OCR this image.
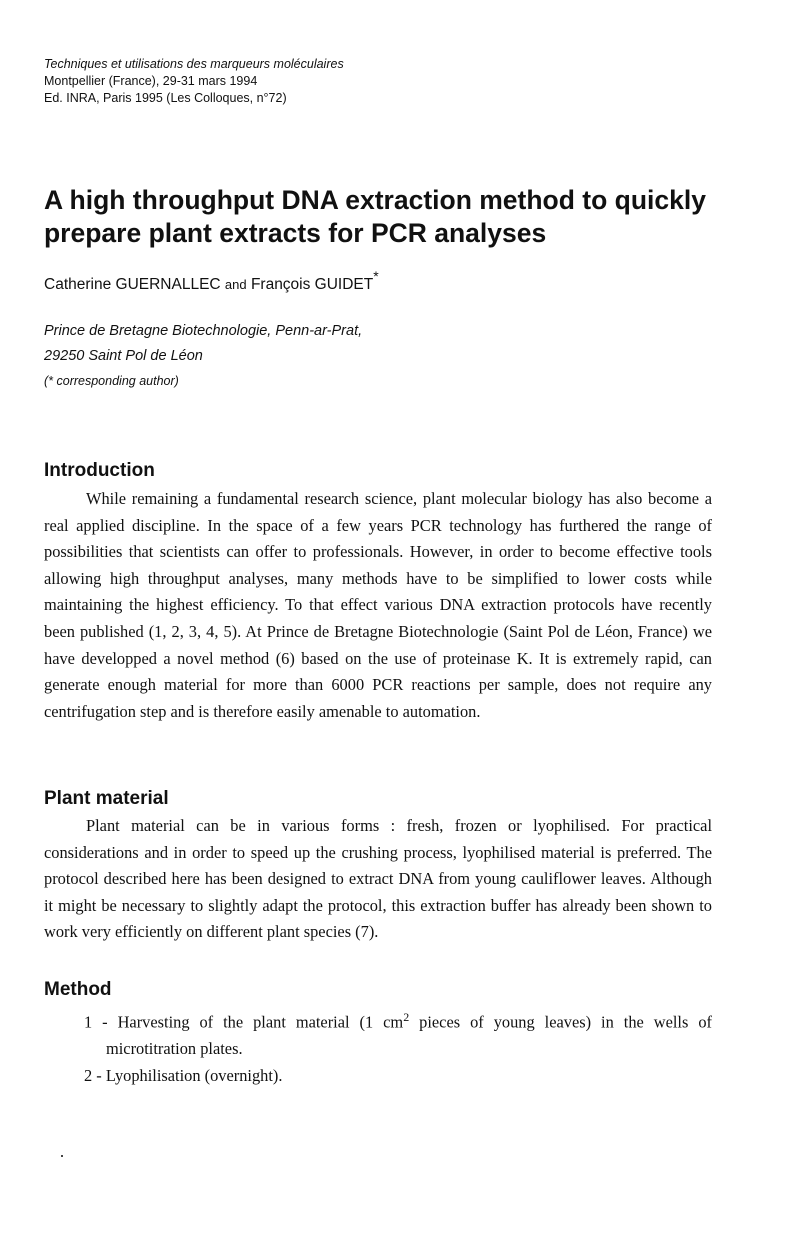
Techniques et utilisations des marqueurs moléculaires
Montpellier (France), 29-31 mars 1994
Ed. INRA, Paris 1995 (Les Colloques, n°72)
A high throughput DNA extraction method to quickly prepare plant extracts for PCR analyses
Catherine GUERNALLEC and François GUIDET*
Prince de Bretagne Biotechnologie, Penn-ar-Prat,
29250 Saint Pol de Léon
(* corresponding author)
Introduction

While remaining a fundamental research science, plant molecular biology has also become a real applied discipline. In the space of a few years PCR technology has furthered the range of possibilities that scientists can offer to professionals. However, in order to become effective tools allowing high throughput analyses, many methods have to be simplified to lower costs while maintaining the highest efficiency. To that effect various DNA extraction protocols have recently been published (1, 2, 3, 4, 5). At Prince de Bretagne Biotechnologie (Saint Pol de Léon, France) we have developped a novel method (6) based on the use of proteinase K. It is extremely rapid, can generate enough material for more than 6000 PCR reactions per sample, does not require any centrifugation step and is therefore easily amenable to automation.

Plant material

Plant material can be in various forms : fresh, frozen or lyophilised. For practical considerations and in order to speed up the crushing process, lyophilised material is preferred. The protocol described here has been designed to extract DNA from young cauliflower leaves. Although it might be necessary to slightly adapt the protocol, this extraction buffer has already been shown to work very efficiently on different plant species (7).

Method
1 - Harvesting of the plant material (1 $cm^2$ pieces of young leaves) in the wells of microtitration plates.
2 - Lyophilisation (overnight).
